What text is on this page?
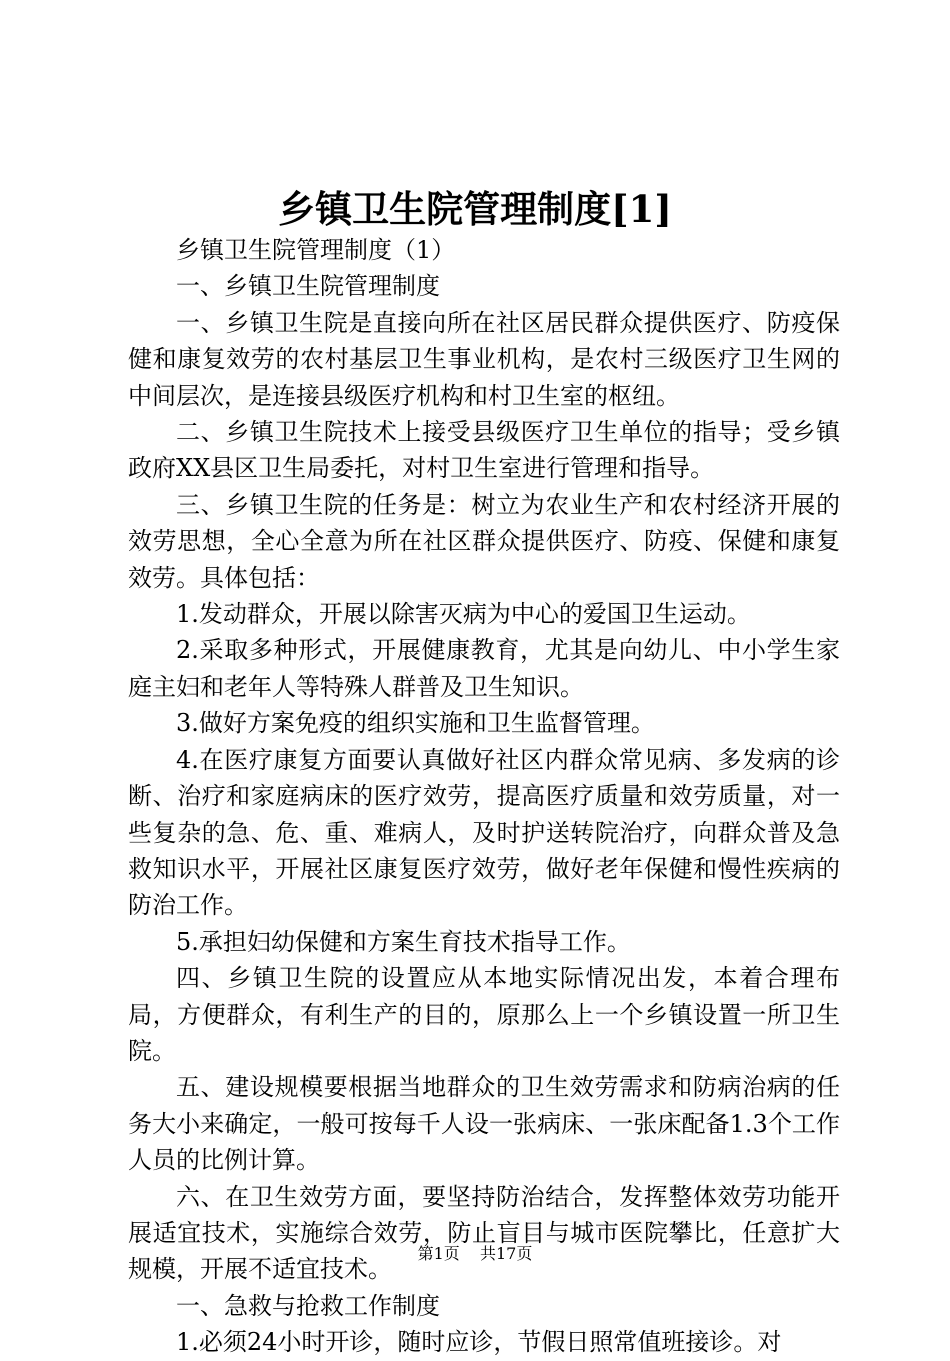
乡镇卫生院管理制度[1]

乡镇卫生院管理制度（1）

一、乡镇卫生院管理制度

一、乡镇卫生院是直接向所在社区居民群众提供医疗、防疫保健和康复效劳的农村基层卫生事业机构，是农村三级医疗卫生网的中间层次，是连接县级医疗机构和村卫生室的枢纽。

二、乡镇卫生院技术上接受县级医疗卫生单位的指导；受乡镇政府XX县区卫生局委托，对村卫生室进行管理和指导。

三、乡镇卫生院的任务是：树立为农业生产和农村经济开展的效劳思想，全心全意为所在社区群众提供医疗、防疫、保健和康复效劳。具体包括：

1.发动群众，开展以除害灭病为中心的爱国卫生运动。

2.采取多种形式，开展健康教育，尤其是向幼儿、中小学生家庭主妇和老年人等特殊人群普及卫生知识。

3.做好方案免疫的组织实施和卫生监督管理。

4.在医疗康复方面要认真做好社区内群众常见病、多发病的诊断、治疗和家庭病床的医疗效劳，提高医疗质量和效劳质量，对一些复杂的急、危、重、难病人，及时护送转院治疗，向群众普及急救知识水平，开展社区康复医疗效劳，做好老年保健和慢性疾病的防治工作。

5.承担妇幼保健和方案生育技术指导工作。

四、乡镇卫生院的设置应从本地实际情况出发，本着合理布局，方便群众，有利生产的目的，原那么上一个乡镇设置一所卫生院。

五、建设规模要根据当地群众的卫生效劳需求和防病治病的任务大小来确定，一般可按每千人设一张病床、一张床配备1.3个工作人员的比例计算。

六、在卫生效劳方面，要坚持防治结合，发挥整体效劳功能开展适宜技术，实施综合效劳，防止盲目与城市医院攀比，任意扩大规模，开展不适宜技术。

一、急救与抢救工作制度

1.必须24小时开诊，随时应诊，节假日照常值班接诊。对

第1页 共17页
